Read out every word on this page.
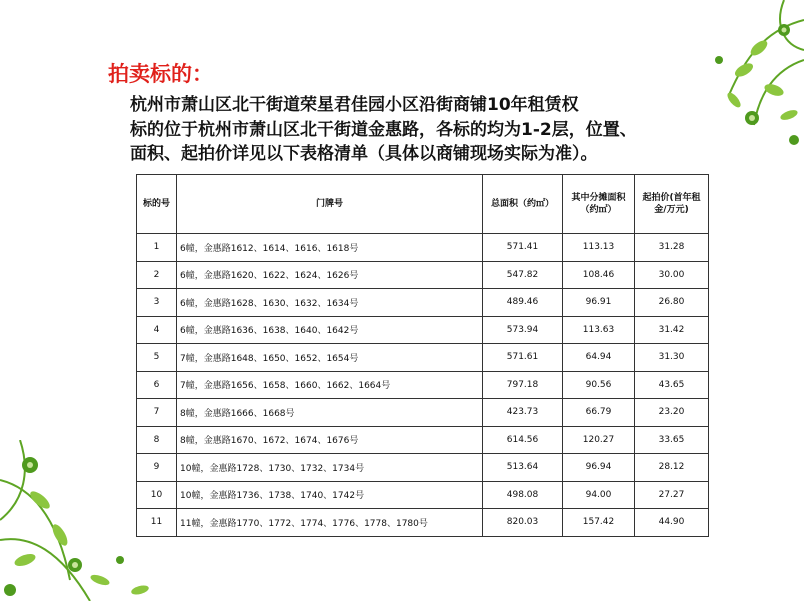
拍卖标的：

杭州市萧山区北干街道荣星君佳园小区沿街商铺10年租赁权

标的位于杭州市萧山区北干街道金惠路，各标的均为1-2层，位置、

面积、起拍价详见以下表格清单（具体以商铺现场实际为准）。

标的号	门牌号	总面积（约㎡）	其中分摊面积（约㎡）	起拍价(首年租金/万元)
1	6幢，金惠路1612、1614、1616、1618号	571.41	113.13	31.28
2	6幢，金惠路1620、1622、1624、1626号	547.82	108.46	30.00
3	6幢，金惠路1628、1630、1632、1634号	489.46	96.91	26.80
4	6幢，金惠路1636、1638、1640、1642号	573.94	113.63	31.42
5	7幢，金惠路1648、1650、1652、1654号	571.61	64.94	31.30
6	7幢，金惠路1656、1658、1660、1662、1664号	797.18	90.56	43.65
7	8幢，金惠路1666、1668号	423.73	66.79	23.20
8	8幢，金惠路1670、1672、1674、1676号	614.56	120.27	33.65
9	10幢，金惠路1728、1730、1732、1734号	513.64	96.94	28.12
10	10幢，金惠路1736、1738、1740、1742号	498.08	94.00	27.27
11	11幢，金惠路1770、1772、1774、1776、1778、1780号	820.03	157.42	44.90
